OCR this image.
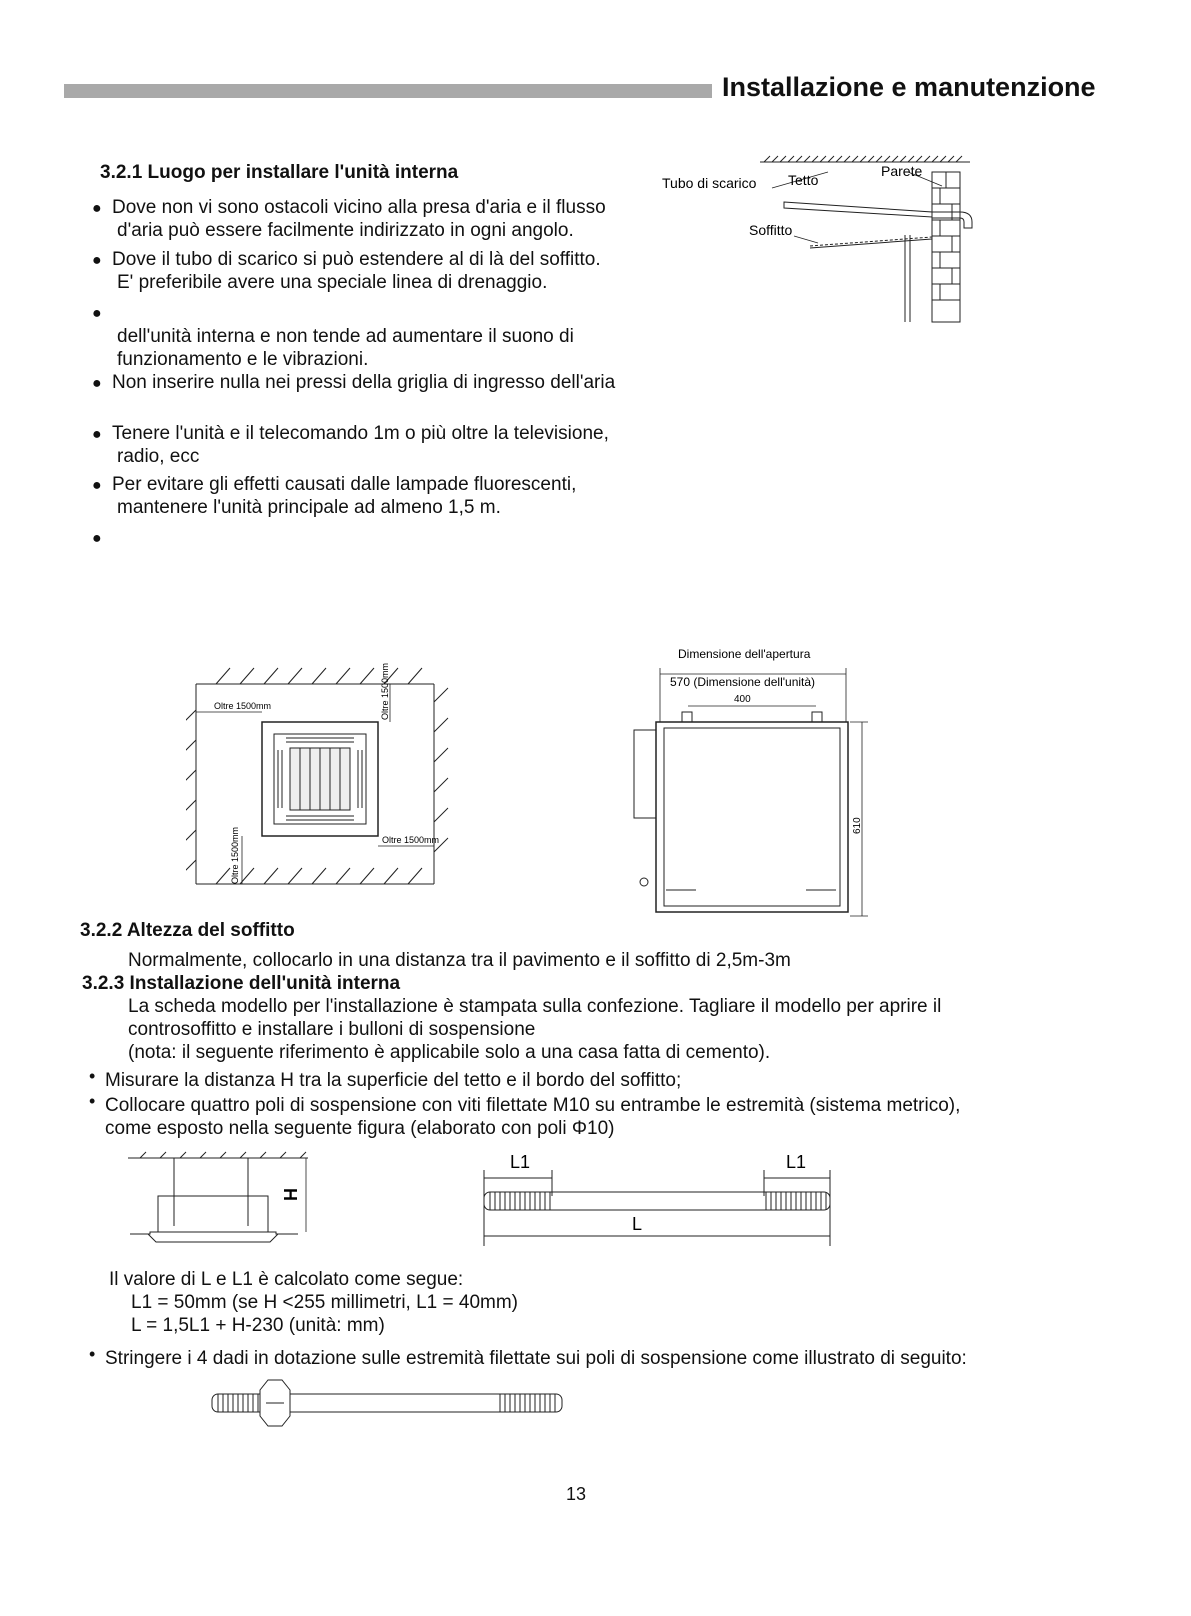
Installazione e manutenzione
3.2.1 Luogo per installare l'unità interna
● Dove non vi sono ostacoli vicino alla presa d'aria e il flusso
d'aria può essere facilmente indirizzato in ogni angolo.
● Dove il tubo di scarico si può estendere al di là del soffitto.
E' preferibile avere una speciale linea di drenaggio.
●
dell'unità interna e non tende ad aumentare il suono di
funzionamento e le vibrazioni.
● Non inserire nulla nei pressi della griglia di ingresso dell'aria
● Tenere l'unità e il telecomando 1m o più oltre la televisione,
radio, ecc
● Per evitare gli effetti causati dalle lampade fluorescenti,
mantenere l'unità principale ad almeno 1,5 m.
●
Tubo di scarico Tetto
Parete
Soffitto
Oltre 1500mm	Oltre 1500mm
Oltre 1500mm
Oltre 1500mm
Dimensione dell'apertura
570 (Dimensione dell'unità)
400
610
3.2.2 Altezza del soffitto
Normalmente, collocarlo in una distanza tra il pavimento e il soffitto di 2,5m-3m
3.2.3 Installazione dell'unità interna
La scheda modello per l'installazione è stampata sulla confezione. Tagliare il modello per aprire il
controsoffitto e installare i bulloni di sospensione
(nota: il seguente riferimento è applicabile solo a una casa fatta di cemento).
• Misurare la distanza H tra la superficie del tetto e il bordo del soffitto;
• Collocare quattro poli di sospensione con viti filettate M10 su entrambe le estremità (sistema metrico),
come esposto nella seguente figura (elaborato con poli Φ10)
H
L1	L1
L
Il valore di L e L1 è calcolato come segue:
L1 = 50mm (se H <255 millimetri, L1 = 40mm)
L = 1,5L1 + H-230 (unità: mm)
• Stringere i 4 dadi in dotazione sulle estremità filettate sui poli di sospensione come illustrato di seguito:
13
